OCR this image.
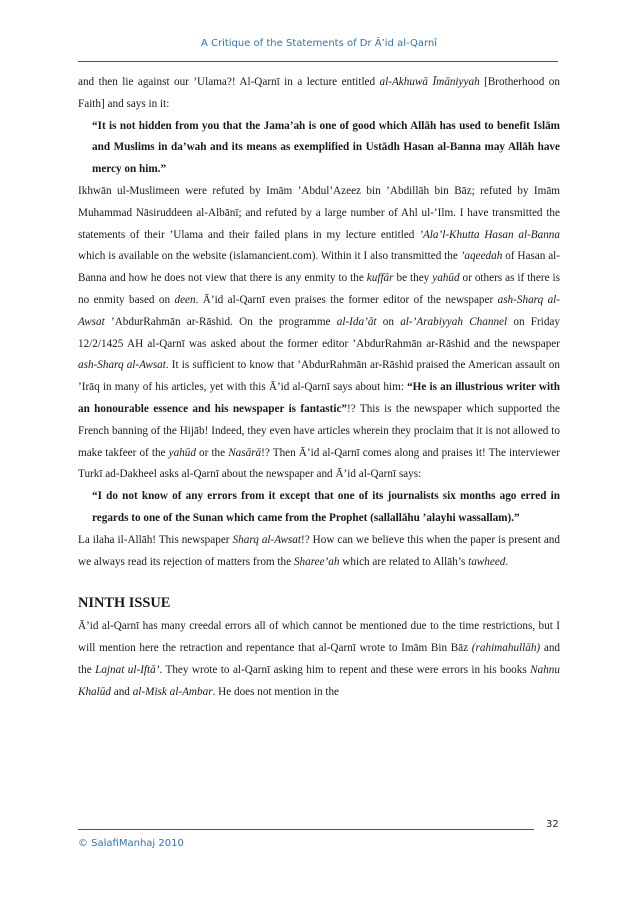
A Critique of the Statements of Dr Ā’id al-Qarnī

and then lie against our ’Ulama?! Al-Qarnī in a lecture entitled al-Akhuwā Īmāniyyah [Brotherhood on Faith] and says in it:

“It is not hidden from you that the Jama’ah is one of good which Allāh has used to benefit Islām and Muslims in da’wah and its means as exemplified in Ustādh Hasan al-Banna may Allāh have mercy on him.”

Ikhwān ul-Muslimeen were refuted by Imām ’Abdul’Azeez bin ’Abdillāh bin Bāz; refuted by Imām Muhammad Nāsiruddeen al-Albānī; and refuted by a large number of Ahl ul-’Ilm. I have transmitted the statements of their ’Ulama and their failed plans in my lecture entitled ’Ala’l-Khutta Hasan al-Banna which is available on the website (islamancient.com). Within it I also transmitted the ’aqeedah of Hasan al-Banna and how he does not view that there is any enmity to the kuffār be they yahūd or others as if there is no enmity based on deen. Ā’id al-Qarnī even praises the former editor of the newspaper ash-Sharq al-Awsat ’AbdurRahmān ar-Rāshid. On the programme al-Ida’āt on al-’Arabiyyah Channel on Friday 12/2/1425 AH al-Qarnī was asked about the former editor ’AbdurRahmān ar-Rāshid and the newspaper ash-Sharq al-Awsat. It is sufficient to know that ’AbdurRahmān ar-Rāshid praised the American assault on ’Irāq in many of his articles, yet with this Ā’id al-Qarnī says about him: “He is an illustrious writer with an honourable essence and his newspaper is fantastic”!? This is the newspaper which supported the French banning of the Hijāb! Indeed, they even have articles wherein they proclaim that it is not allowed to make takfeer of the yahūd or the Nasārā!? Then Ā’id al-Qarnī comes along and praises it! The interviewer Turkī ad-Dakheel asks al-Qarnī about the newspaper and Ā’id al-Qarnī says:

“I do not know of any errors from it except that one of its journalists six months ago erred in regards to one of the Sunan which came from the Prophet (sallallāhu ’alayhi wassallam).”

La ilaha il-Allāh! This newspaper Sharq al-Awsat!? How can we believe this when the paper is present and we always read its rejection of matters from the Sharee’ah which are related to Allāh’s tawheed.

NINTH ISSUE

Ā’id al-Qarnī has many creedal errors all of which cannot be mentioned due to the time restrictions, but I will mention here the retraction and repentance that al-Qarnī wrote to Imām Bin Bāz (rahimahullāh) and the Lajnat ul-Iftā’. They wrote to al-Qarnī asking him to repent and these were errors in his books Nahnu Khalūd and al-Misk al-Ambar. He does not mention in the

32
© SalafiManhaj 2010
